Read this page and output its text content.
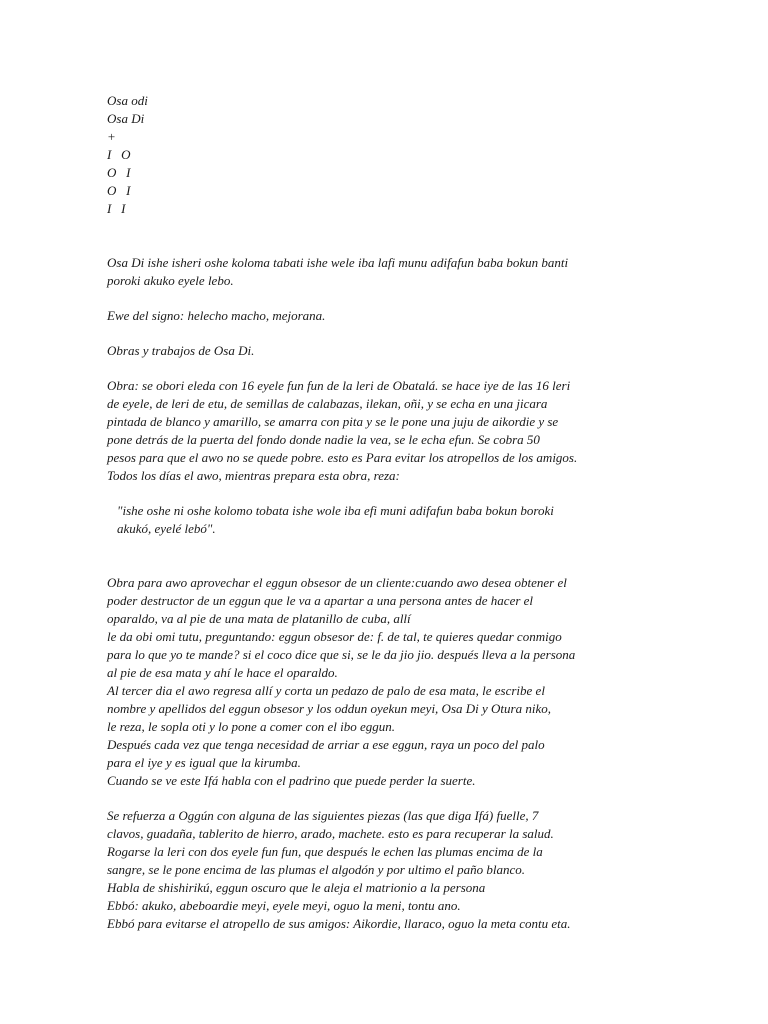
Osa odi
Osa Di
+
I   O
O   I
O   I
I   I
Osa Di ishe isheri oshe koloma tabati ishe wele iba lafi munu adifafun baba bokun banti
poroki akuko eyele lebo.
Ewe del signo: helecho macho, mejorana.
Obras y trabajos de Osa Di.
Obra: se obori eleda con 16 eyele fun fun de la leri de Obatalá. se hace iye de las 16 leri
de eyele, de leri de etu, de semillas de calabazas, ilekan, oñi, y se echa en una jicara
pintada de blanco y amarillo, se amarra con pita y se le pone una juju de aikordie y se
pone detrás de la puerta del fondo donde nadie la vea, se le echa efun. Se cobra 50
pesos para que el awo no se quede pobre. esto es Para evitar los atropellos de los amigos.
Todos los días el awo, mientras prepara esta obra, reza:
"ishe oshe ni oshe kolomo tobata ishe wole iba efi muni adifafun baba bokun boroki
akukó, eyelé lebó".
Obra para awo aprovechar el eggun obsesor de un cliente:cuando awo desea obtener el
poder destructor de un eggun que le va a apartar a una persona antes de hacer el
oparaldo, va al pie de una mata de platanillo de cuba, allí
le da obi omi tutu, preguntando: eggun obsesor de: f. de tal, te quieres quedar conmigo
para lo que yo te mande? si el coco dice que si, se le da jio jio. después lleva a la persona
al pie de esa mata y ahí le hace el oparaldo.
Al tercer dia el awo regresa allí y corta un pedazo de palo de esa mata, le escribe el
nombre y apellidos del eggun obsesor y los oddun oyekun meyi, Osa Di y Otura niko,
le reza, le sopla oti y lo pone a comer con el ibo eggun.
Después cada vez que tenga necesidad de arriar a ese eggun, raya un poco del palo
para el iye y es igual que la kirumba.
Cuando se ve este Ifá habla con el padrino que puede perder la suerte.
Se refuerza a Oggún con alguna de las siguientes piezas (las que diga Ifá) fuelle, 7
clavos, guadaña, tablerito de hierro, arado, machete. esto es para recuperar la salud.
Rogarse la leri con dos eyele fun fun, que después le echen las plumas encima de la
sangre, se le pone encima de las plumas el algodón y por ultimo el paño blanco.
Habla de shishirikú, eggun oscuro que le aleja el matrionio a la persona
Ebbó: akuko, abeboardie meyi, eyele meyi, oguo la meni, tontu ano.
Ebbó para evitarse el atropello de sus amigos: Aikordie, llaraco, oguo la meta contu eta.
